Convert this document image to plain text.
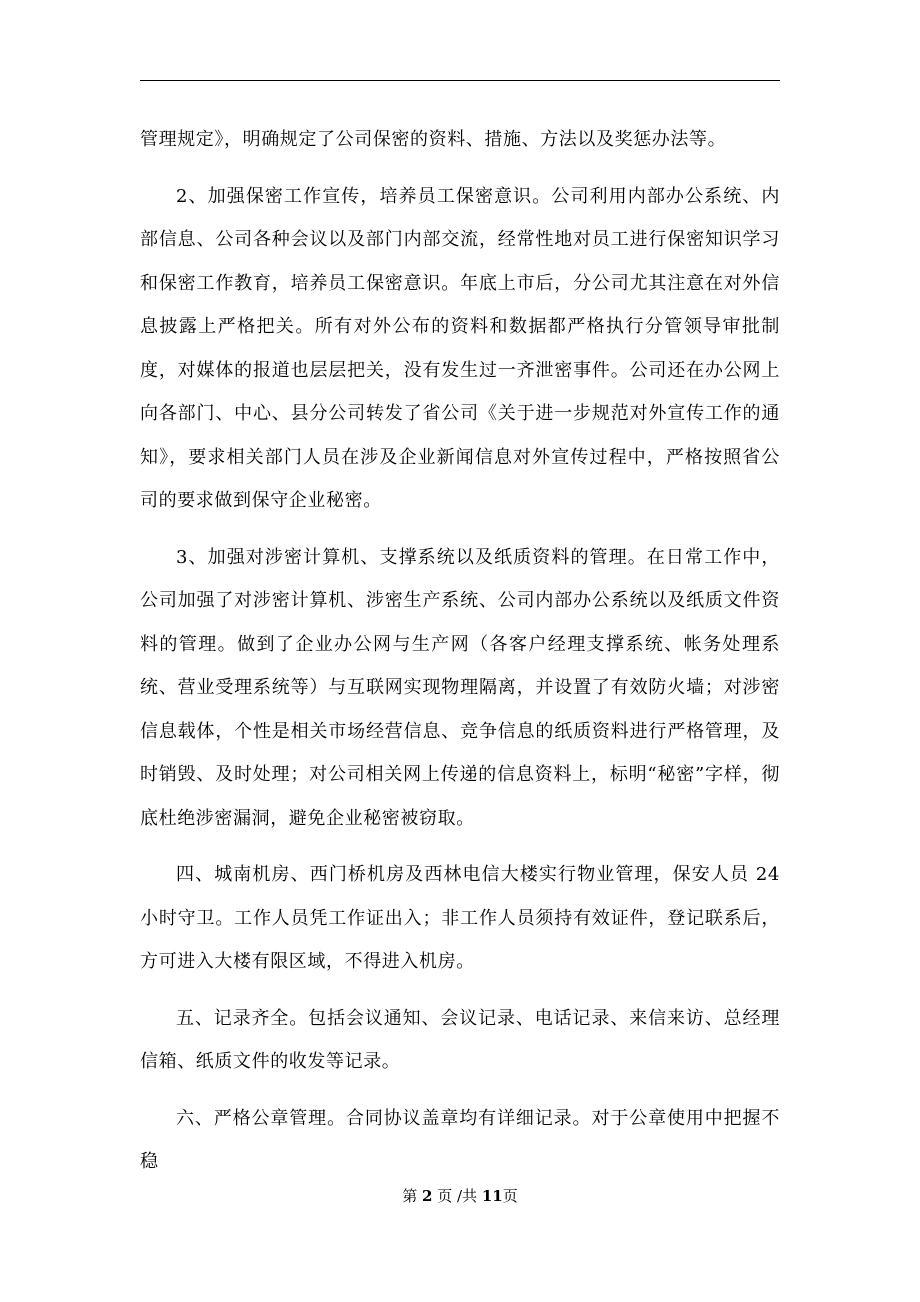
管理规定》，明确规定了公司保密的资料、措施、方法以及奖惩办法等。

2、加强保密工作宣传，培养员工保密意识。公司利用内部办公系统、内部信息、公司各种会议以及部门内部交流，经常性地对员工进行保密知识学习和保密工作教育，培养员工保密意识。年底上市后，分公司尤其注意在对外信息披露上严格把关。所有对外公布的资料和数据都严格执行分管领导审批制度，对媒体的报道也层层把关，没有发生过一齐泄密事件。公司还在办公网上向各部门、中心、县分公司转发了省公司《关于进一步规范对外宣传工作的通知》，要求相关部门人员在涉及企业新闻信息对外宣传过程中，严格按照省公司的要求做到保守企业秘密。

3、加强对涉密计算机、支撑系统以及纸质资料的管理。在日常工作中，公司加强了对涉密计算机、涉密生产系统、公司内部办公系统以及纸质文件资料的管理。做到了企业办公网与生产网（各客户经理支撑系统、帐务处理系统、营业受理系统等）与互联网实现物理隔离，并设置了有效防火墙；对涉密信息载体，个性是相关市场经营信息、竞争信息的纸质资料进行严格管理，及时销毁、及时处理；对公司相关网上传递的信息资料上，标明“秘密”字样，彻底杜绝涉密漏洞，避免企业秘密被窃取。

四、城南机房、西门桥机房及西林电信大楼实行物业管理，保安人员 24 小时守卫。工作人员凭工作证出入；非工作人员须持有效证件，登记联系后，方可进入大楼有限区域，不得进入机房。

五、记录齐全。包括会议通知、会议记录、电话记录、来信来访、总经理信箱、纸质文件的收发等记录。

六、严格公章管理。合同协议盖章均有详细记录。对于公章使用中把握不稳

第 2 页 /共 11页
